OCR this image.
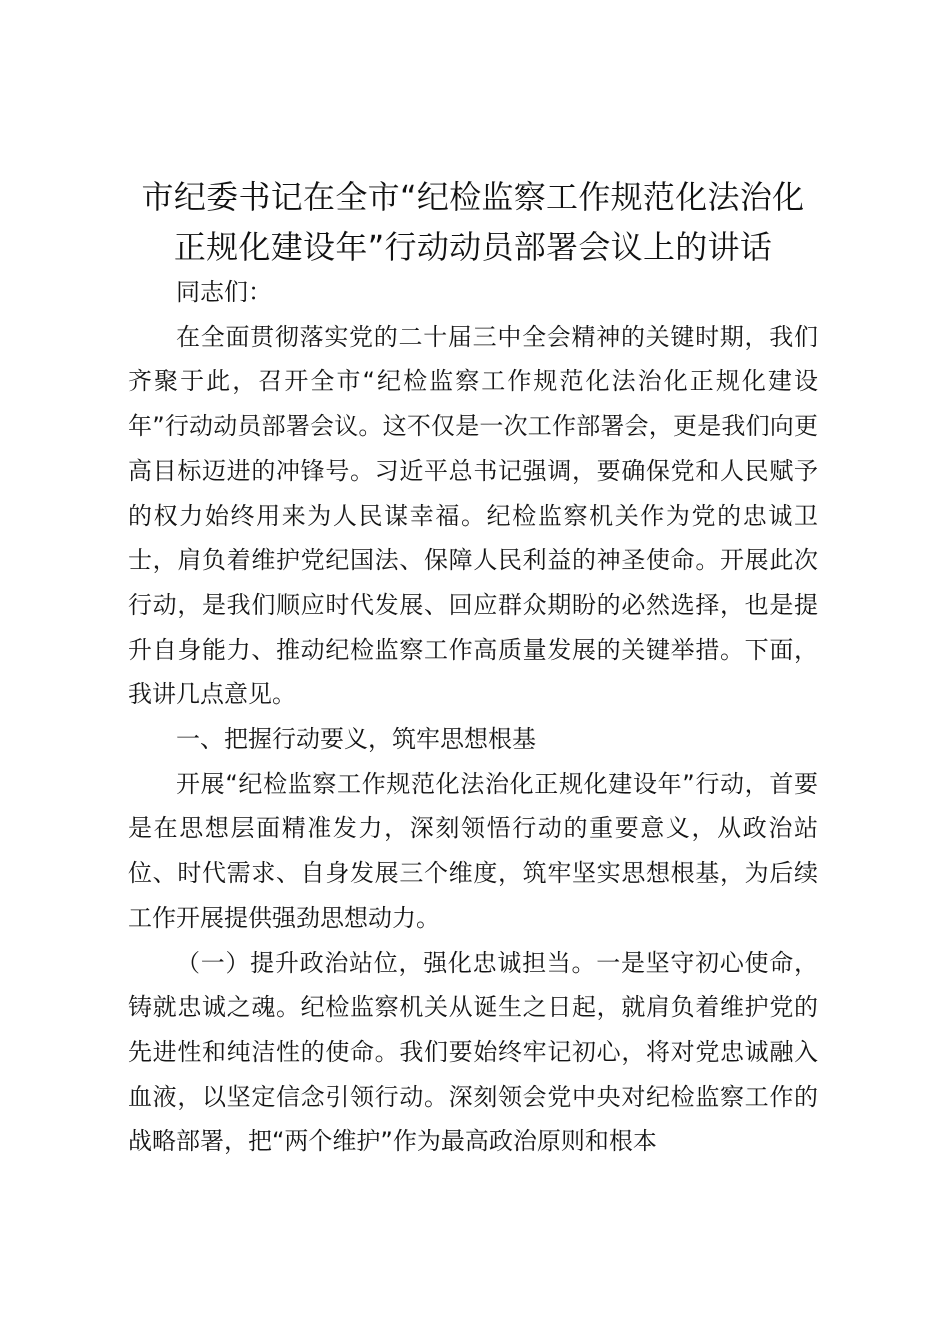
市纪委书记在全市“纪检监察工作规范化法治化正规化建设年”行动动员部署会议上的讲话

同志们：

在全面贯彻落实党的二十届三中全会精神的关键时期，我们齐聚于此，召开全市“纪检监察工作规范化法治化正规化建设年”行动动员部署会议。这不仅是一次工作部署会，更是我们向更高目标迈进的冲锋号。习近平总书记强调，要确保党和人民赋予的权力始终用来为人民谋幸福。纪检监察机关作为党的忠诚卫士，肩负着维护党纪国法、保障人民利益的神圣使命。开展此次行动，是我们顺应时代发展、回应群众期盼的必然选择，也是提升自身能力、推动纪检监察工作高质量发展的关键举措。下面，我讲几点意见。

一、把握行动要义，筑牢思想根基

开展“纪检监察工作规范化法治化正规化建设年”行动，首要是在思想层面精准发力，深刻领悟行动的重要意义，从政治站位、时代需求、自身发展三个维度，筑牢坚实思想根基，为后续工作开展提供强劲思想动力。

（一）提升政治站位，强化忠诚担当。一是坚守初心使命，铸就忠诚之魂。纪检监察机关从诞生之日起，就肩负着维护党的先进性和纯洁性的使命。我们要始终牢记初心，将对党忠诚融入血液，以坚定信念引领行动。深刻领会党中央对纪检监察工作的战略部署，把“两个维护”作为最高政治原则和根本
